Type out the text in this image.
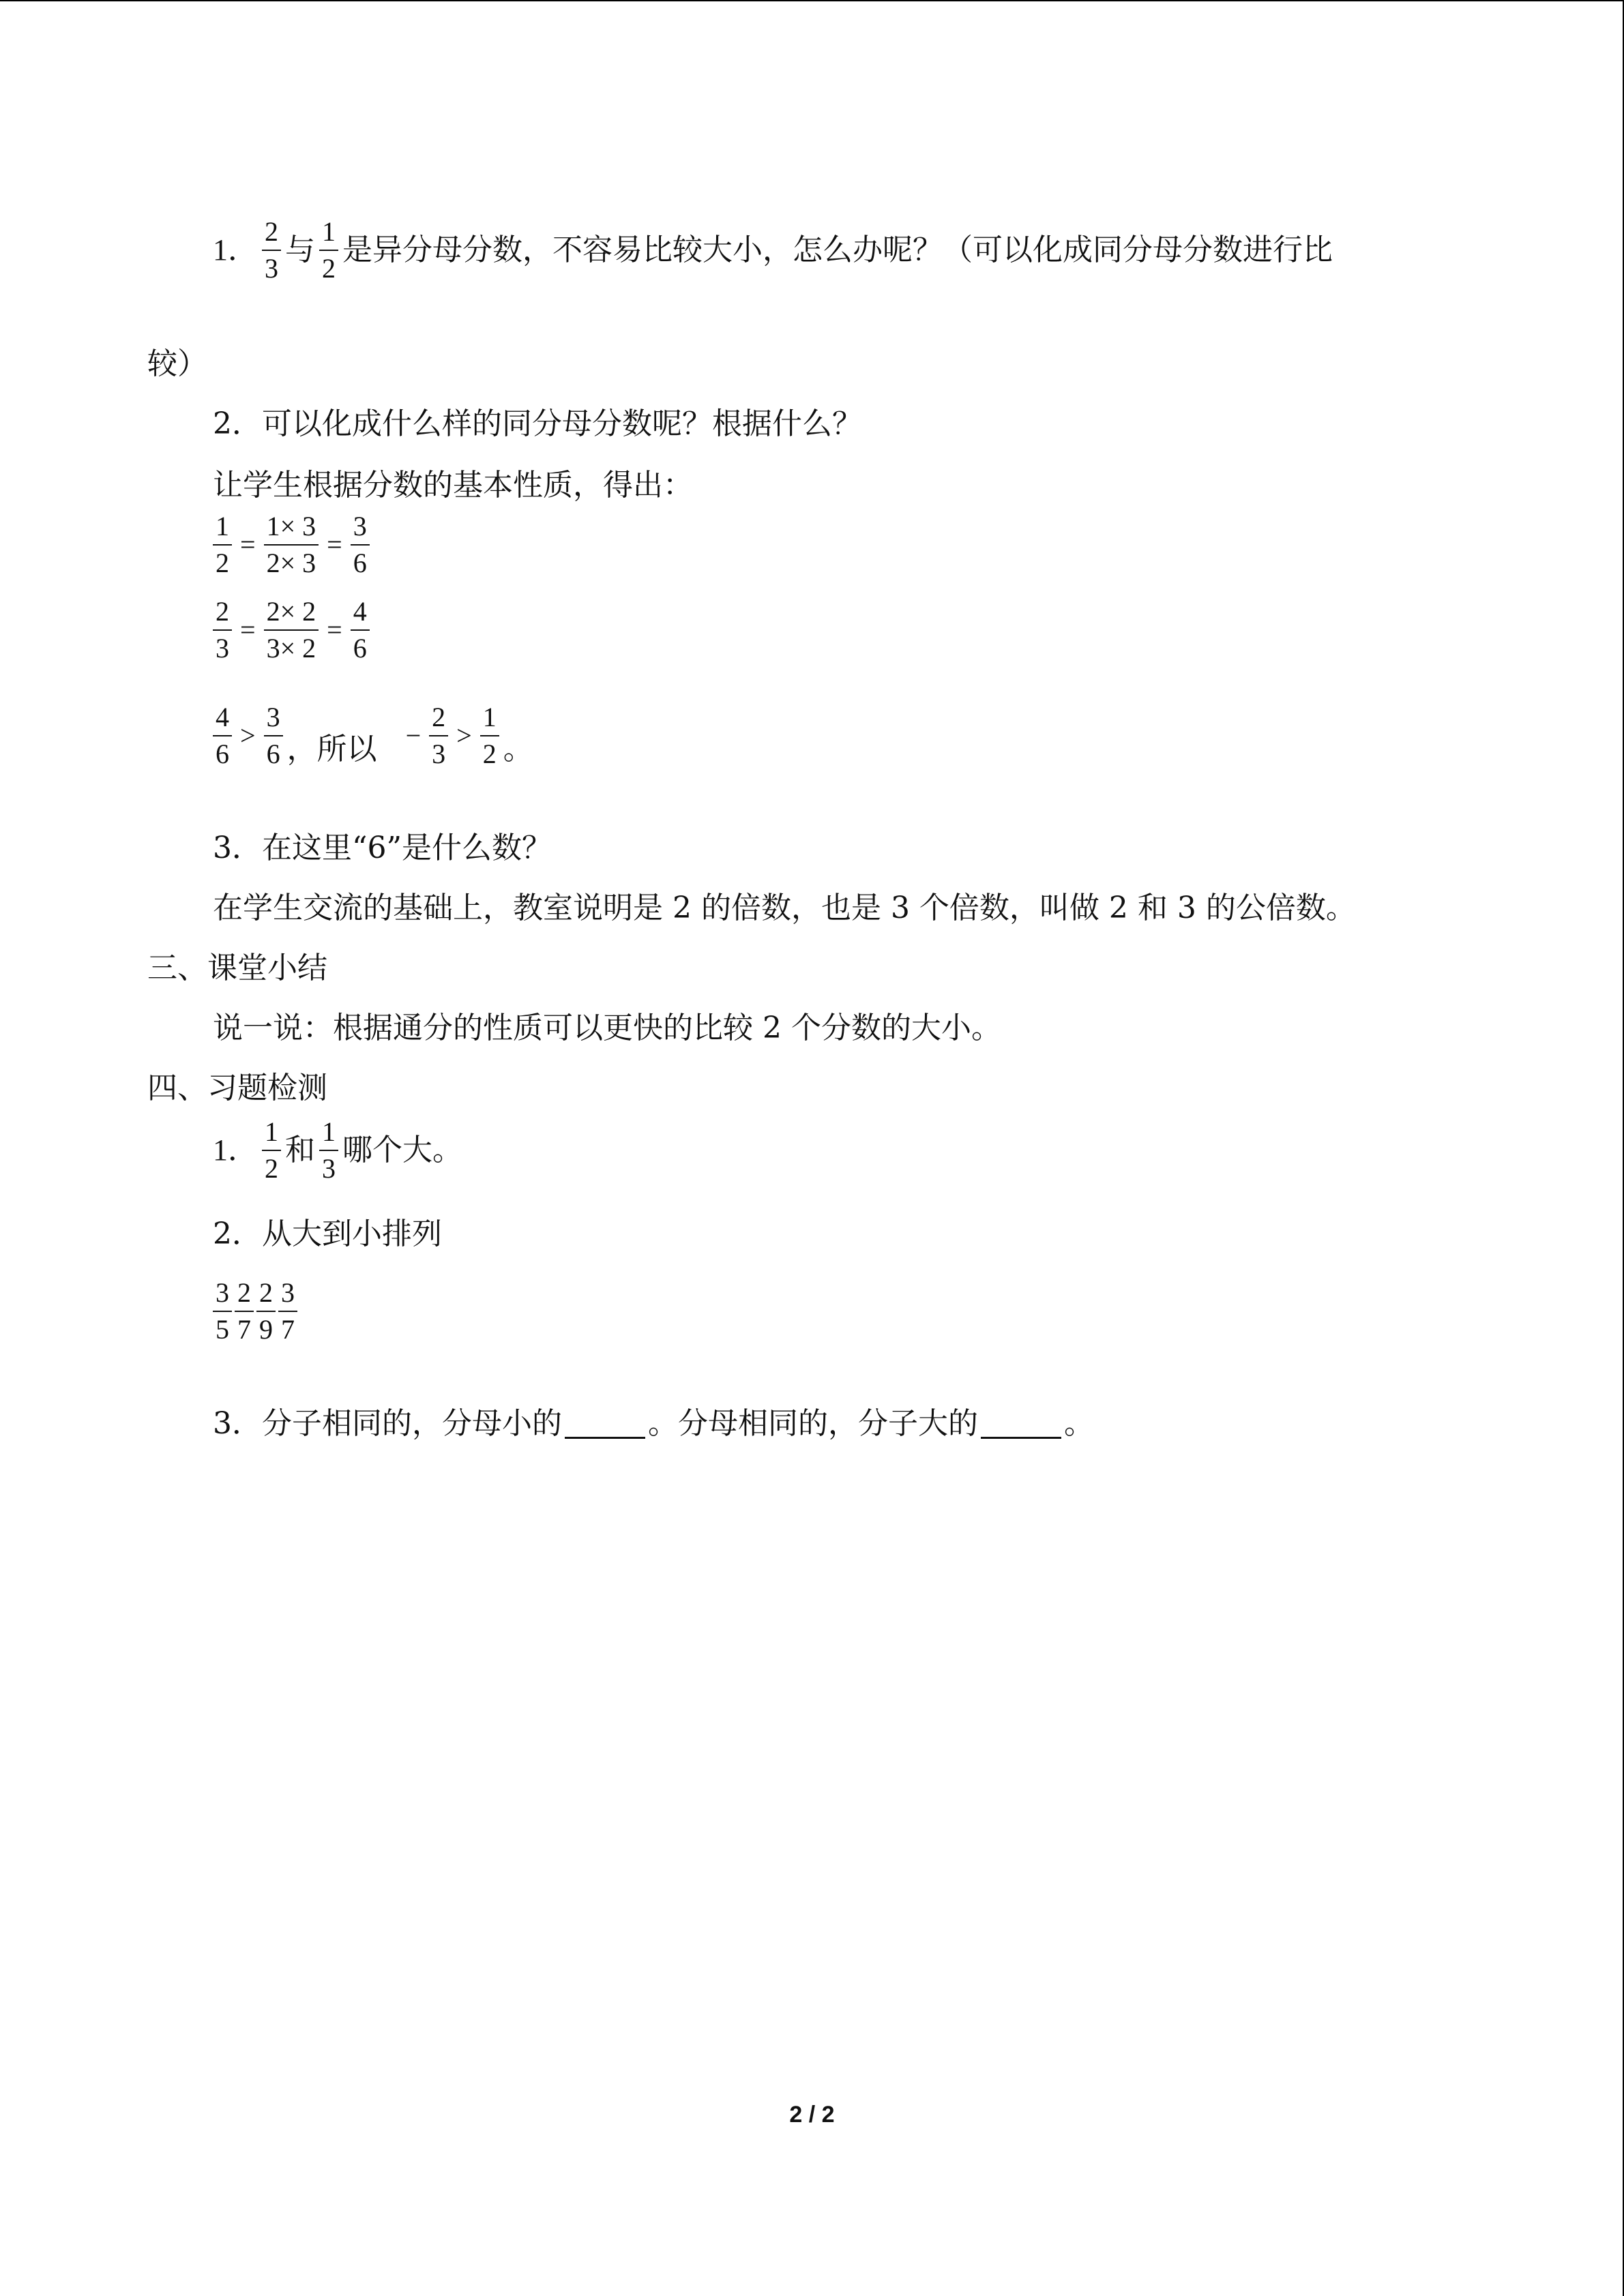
1． $\frac{2}{3}$ 与 $\frac{1}{2}$ 是异分母分数，不容易比较大小，怎么办呢？（可以化成同分母分数进行比
较）
2．可以化成什么样的同分母分数呢？根据什么？
让学生根据分数的基本性质，得出：
$\frac{1}{2} = \frac{1\times 3}{2\times 3} = \frac{3}{6}$
$\frac{2}{3} = \frac{2\times 2}{3\times 2} = \frac{4}{6}$
$\frac{4}{6} > \frac{3}{6}$ ，所以 − $\frac{2}{3} > \frac{1}{2}$ 。
3．在这里“6”是什么数？
在学生交流的基础上，教室说明是 2 的倍数，也是 3 个倍数，叫做 2 和 3 的公倍数。
三、课堂小结
说一说：根据通分的性质可以更快的比较 2 个分数的大小。
四、习题检测
1． $\frac{1}{2}$ 和 $\frac{1}{3}$ 哪个大。
2．从大到小排列
$\frac{3}{5} \frac{2}{7} \frac{2}{9} \frac{3}{7}$
3．分子相同的，分母小的	。分母相同的，分子大的	。
2 / 2
